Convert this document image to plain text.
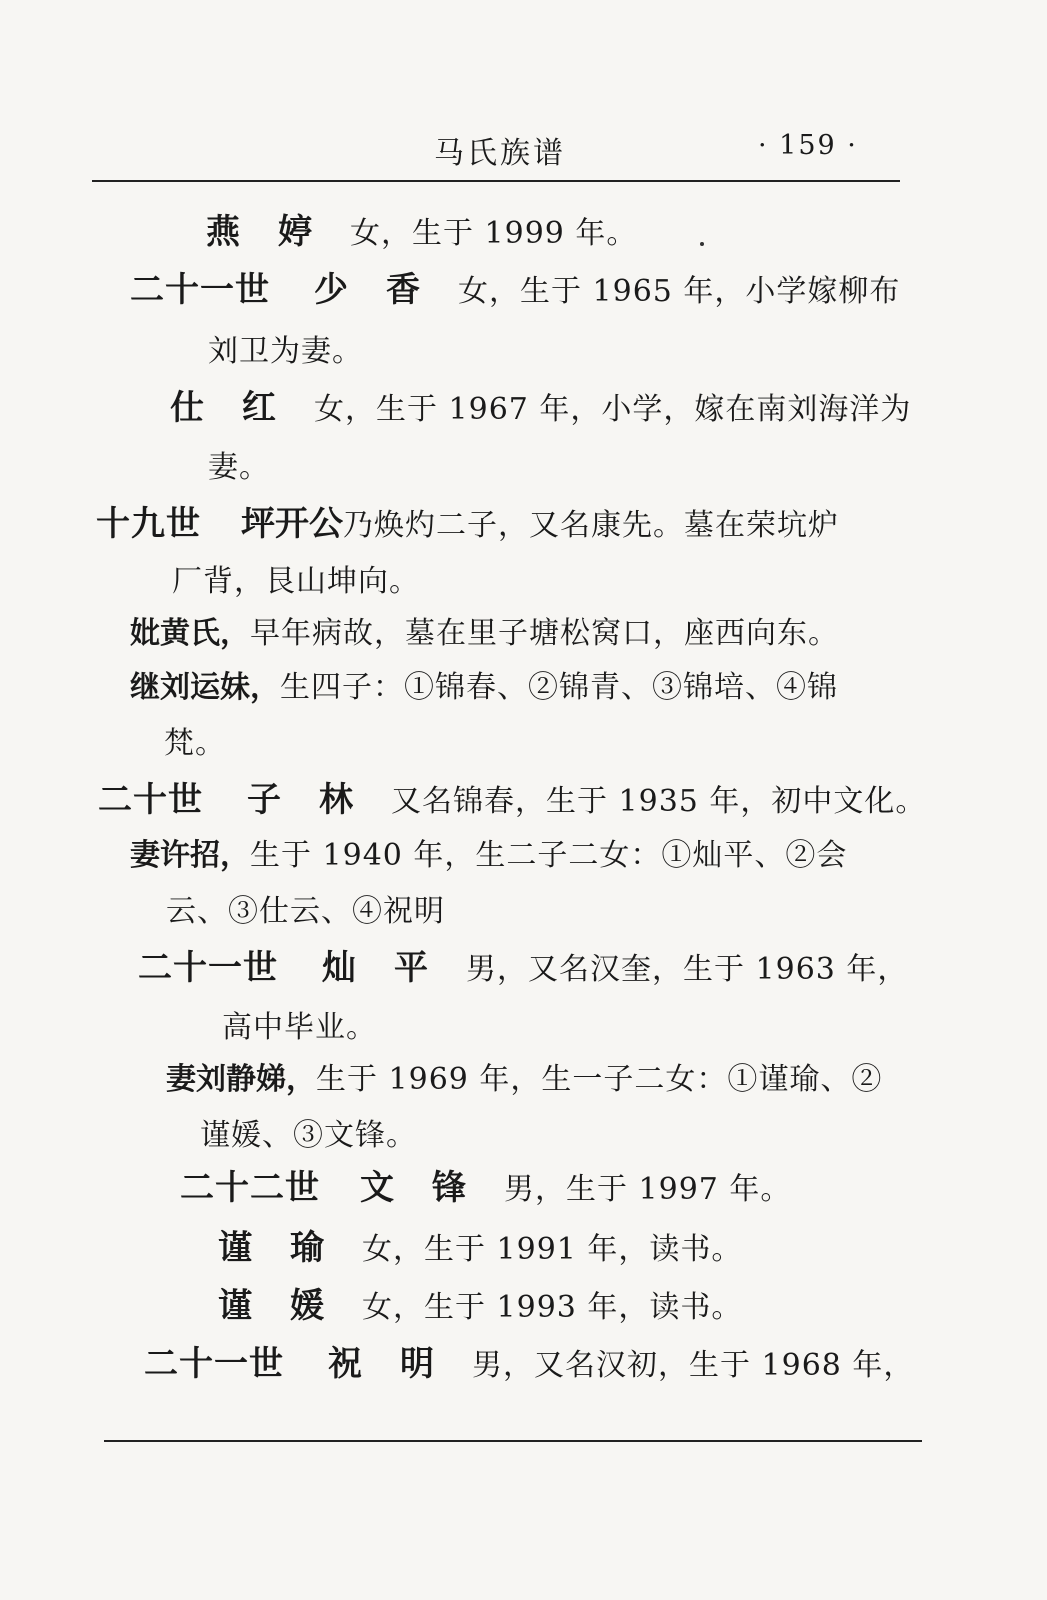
马氏族谱	· 159 ·
燕婷女，生于 1999 年。
二十一世 少香女，生于 1965 年，小学嫁柳布
刘卫为妻。
仕红女，生于 1967 年，小学，嫁在南刘海洋为
妻。
十九世 坪开公乃焕灼二子，又名康先。墓在荣坑炉
厂背，艮山坤向。
妣黄氏，早年病故，墓在里子塘松窝口，座西向东。
继刘运妹，生四子：①锦春、②锦青、③锦培、④锦
梵。
二十世 子林又名锦春，生于 1935 年，初中文化。
妻许招，生于 1940 年，生二子二女：①灿平、②会
云、③仕云、④祝明
二十一世 灿平男，又名汉奎，生于 1963 年，
高中毕业。
妻刘静娣，生于 1969 年，生一子二女：①谨瑜、②
谨媛、③文锋。
二十二世 文锋男，生于 1997 年。
谨瑜女，生于 1991 年，读书。
谨媛女，生于 1993 年，读书。
二十一世 祝明男，又名汉初，生于 1968 年，
